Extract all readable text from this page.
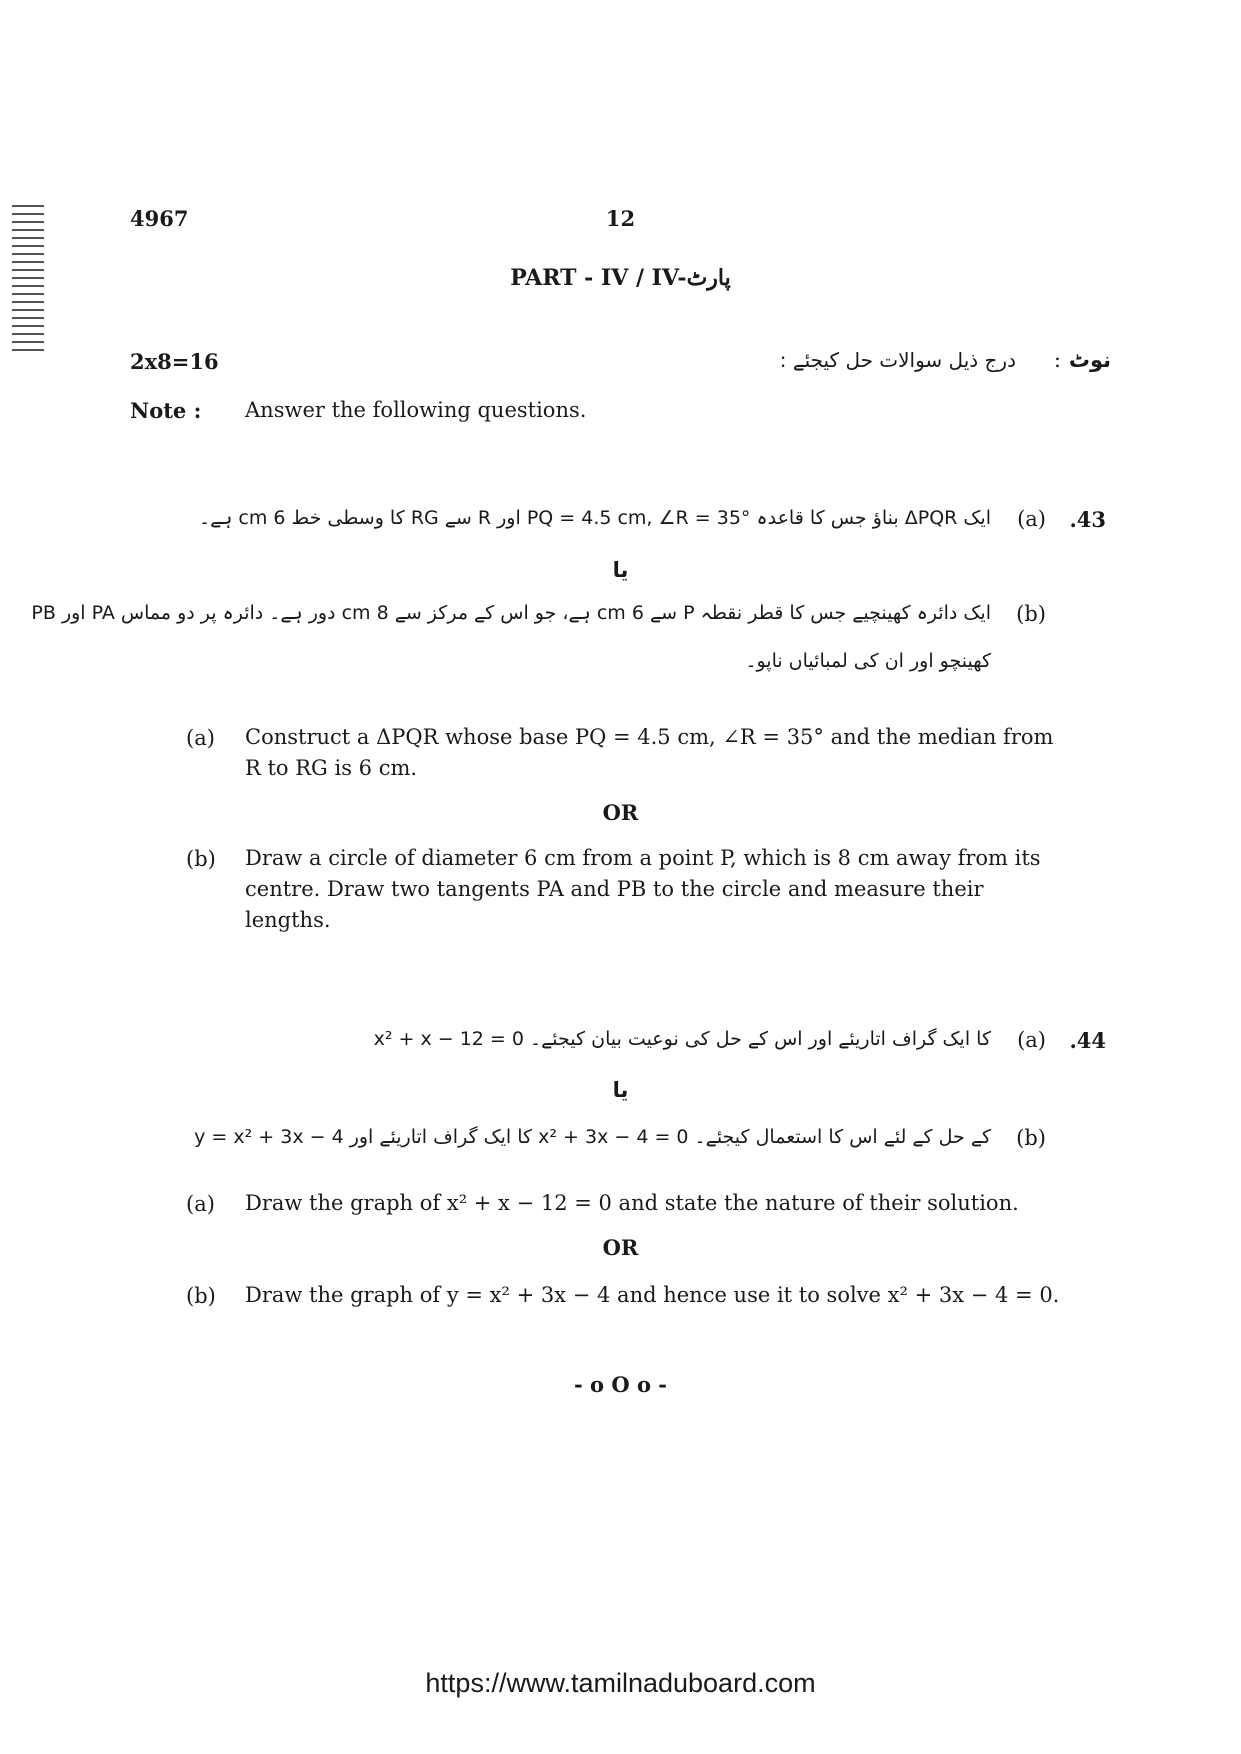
4967	12
PART - IV / IV-پارٹ
2x8=16	نوٹ
:
درج ذیل سوالات حل کیجئے :
Note : Answer the following questions.
.43
(a)
ایک ΔPQR بناؤ جس کا قاعدہ PQ = 4.5 cm, ∠R = 35° اور R سے RG کا وسطی خط 6 cm ہے۔
یا
(b)
ایک دائرہ کھینچیے جس کا قطر نقطہ P سے 6 cm ہے، جو اس کے مرکز سے 8 cm دور ہے۔ دائرہ پر دو مماس PA اور PB
کھینچو اور ان کی لمبائیاں ناپو۔
(a) Construct a ΔPQR whose base PQ = 4.5 cm, ∠R = 35° and the median from
R to RG is 6 cm.
OR
(b) Draw a circle of diameter 6 cm from a point P, which is 8 cm away from its
centre. Draw two tangents PA and PB to the circle and measure their
lengths.
.44
(a)
x² + x − 12 = 0 کا ایک گراف اتاریئے اور اس کے حل کی نوعیت بیان کیجئے۔
یا
(b)
y = x² + 3x − 4 کا ایک گراف اتاریئے اور x² + 3x − 4 = 0 کے حل کے لئے اس کا استعمال کیجئے۔
(a) Draw the graph of x² + x − 12 = 0 and state the nature of their solution.
OR
(b) Draw the graph of y = x² + 3x − 4 and hence use it to solve x² + 3x − 4 = 0.
- o O o -
https://www.tamilnaduboard.com
